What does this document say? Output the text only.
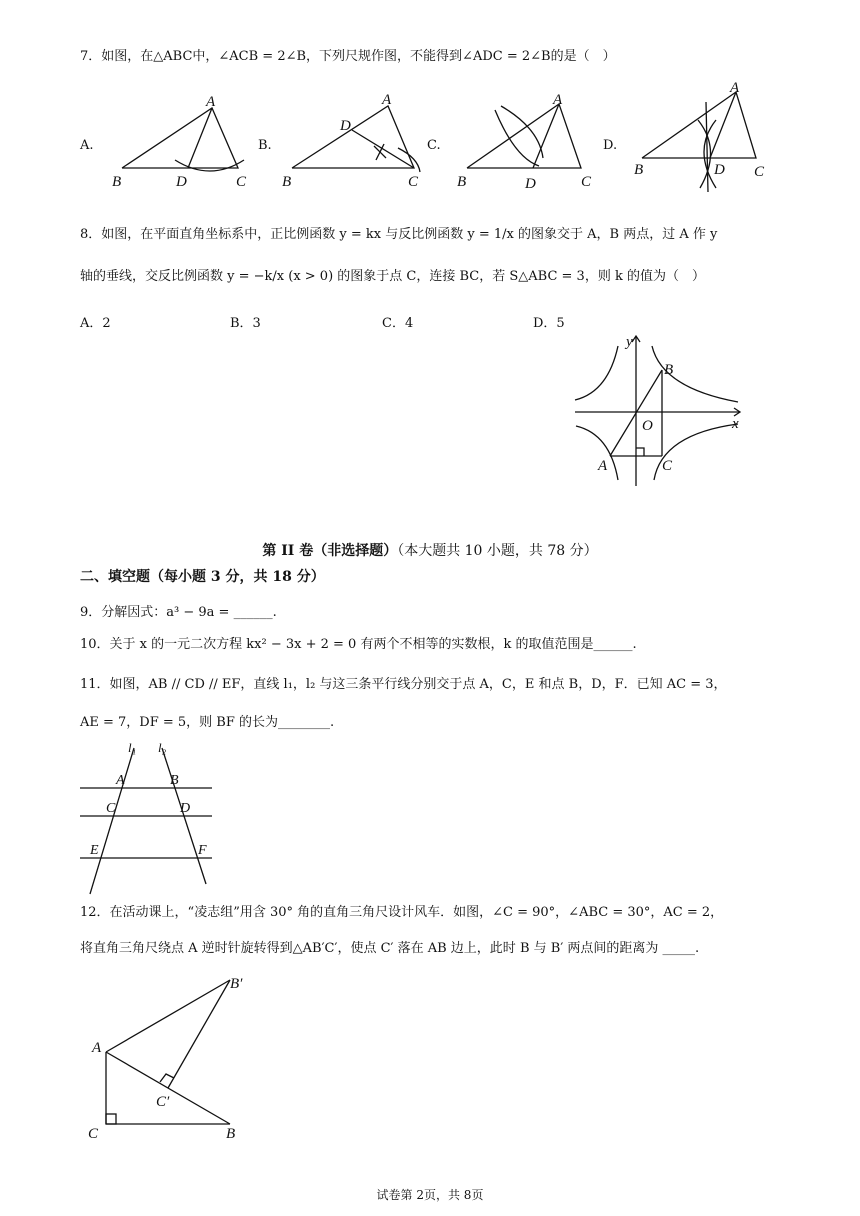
7．如图，在△ABC中，∠ACB = 2∠B，下列尺规作图，不能得到∠ADC = 2∠B的是（　）
A.
B
A
D	C
B.
B
A
D
C
C.
B
A
D	C
D.
B
A
D C
8．如图，在平面直角坐标系中，正比例函数 y = kx 与反比例函数 y = 1/x 的图象交于 A，B 两点，过 A 作 y
轴的垂线，交反比例函数 y = −k/x (x > 0) 的图象于点 C，连接 BC，若 S△ABC = 3，则 k 的值为（　）
A．2	B．3	C．4	D．5
y
x
O
B
A	C
第 II 卷（非选择题）（本大题共 10 小题，共 78 分）
二、填空题（每小题 3 分，共 18 分）
9．分解因式：a³ − 9a = ______.
10．关于 x 的一元二次方程 kx² − 3x + 2 = 0 有两个不相等的实数根，k 的取值范围是______.
11．如图，AB // CD // EF，直线 l₁，l₂ 与这三条平行线分别交于点 A，C，E 和点 B，D，F．已知 AC = 3，
AE = 7，DF = 5，则 BF 的长为________.
l₁ l₂
A	B
C	D
E	F
12．在活动课上，“凌志组”用含 30° 角的直角三角尺设计风车．如图，∠C = 90°，∠ABC = 30°，AC = 2，
将直角三角尺绕点 A 逆时针旋转得到△AB′C′，使点 C′ 落在 AB 边上，此时 B 与 B′ 两点间的距离为 _____.
A
C	B
B′
C′
试卷第 2页，共 8页
